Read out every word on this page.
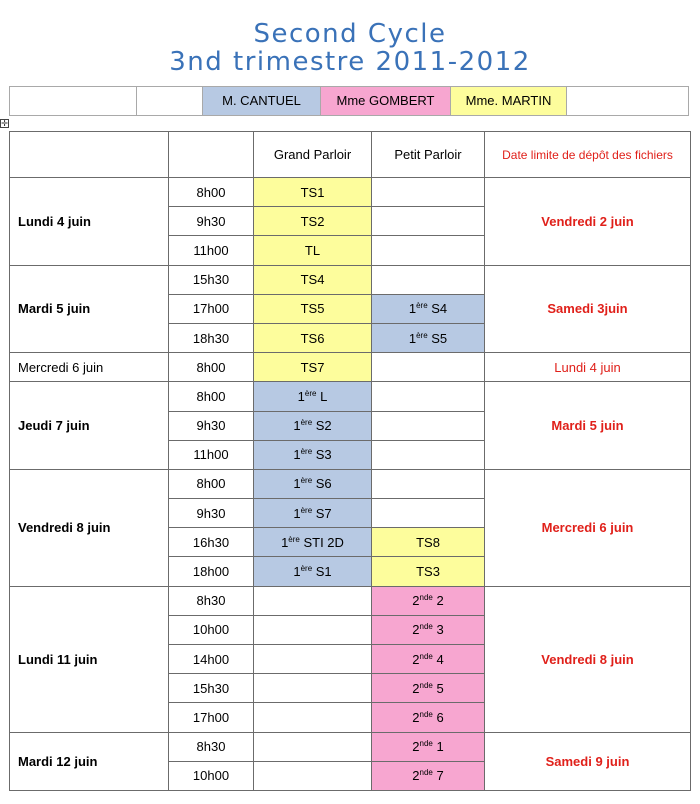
Second Cycle
3nd trimestre 2011-2012
M. CANTUEL	Mme GOMBERT	Mme. MARTIN
✛
		Grand Parloir	Petit Parloir	Date limite de dépôt des fichiers
Lundi 4 juin	8h00	TS1		Vendredi 2 juin
	9h30	TS2		
	11h00	TL		
Mardi 5 juin	15h30	TS4		Samedi 3juin
	17h00	TS5	1ère S4	
	18h30	TS6	1ère S5	
Mercredi 6 juin	8h00	TS7		Lundi 4 juin
Jeudi 7 juin	8h00	1ère L		Mardi 5 juin
	9h30	1ère S2		
	11h00	1ère S3		
Vendredi 8 juin	8h00	1ère S6		Mercredi 6 juin
	9h30	1ère S7		
	16h30	1ère STI 2D	TS8	
	18h00	1ère S1	TS3	
Lundi 11 juin	8h30		2nde 2	Vendredi 8 juin
	10h00		2nde 3	
	14h00		2nde 4	
	15h30		2nde 5	
	17h00		2nde 6	
Mardi 12 juin	8h30		2nde 1	Samedi 9 juin
	10h00		2nde 7	
